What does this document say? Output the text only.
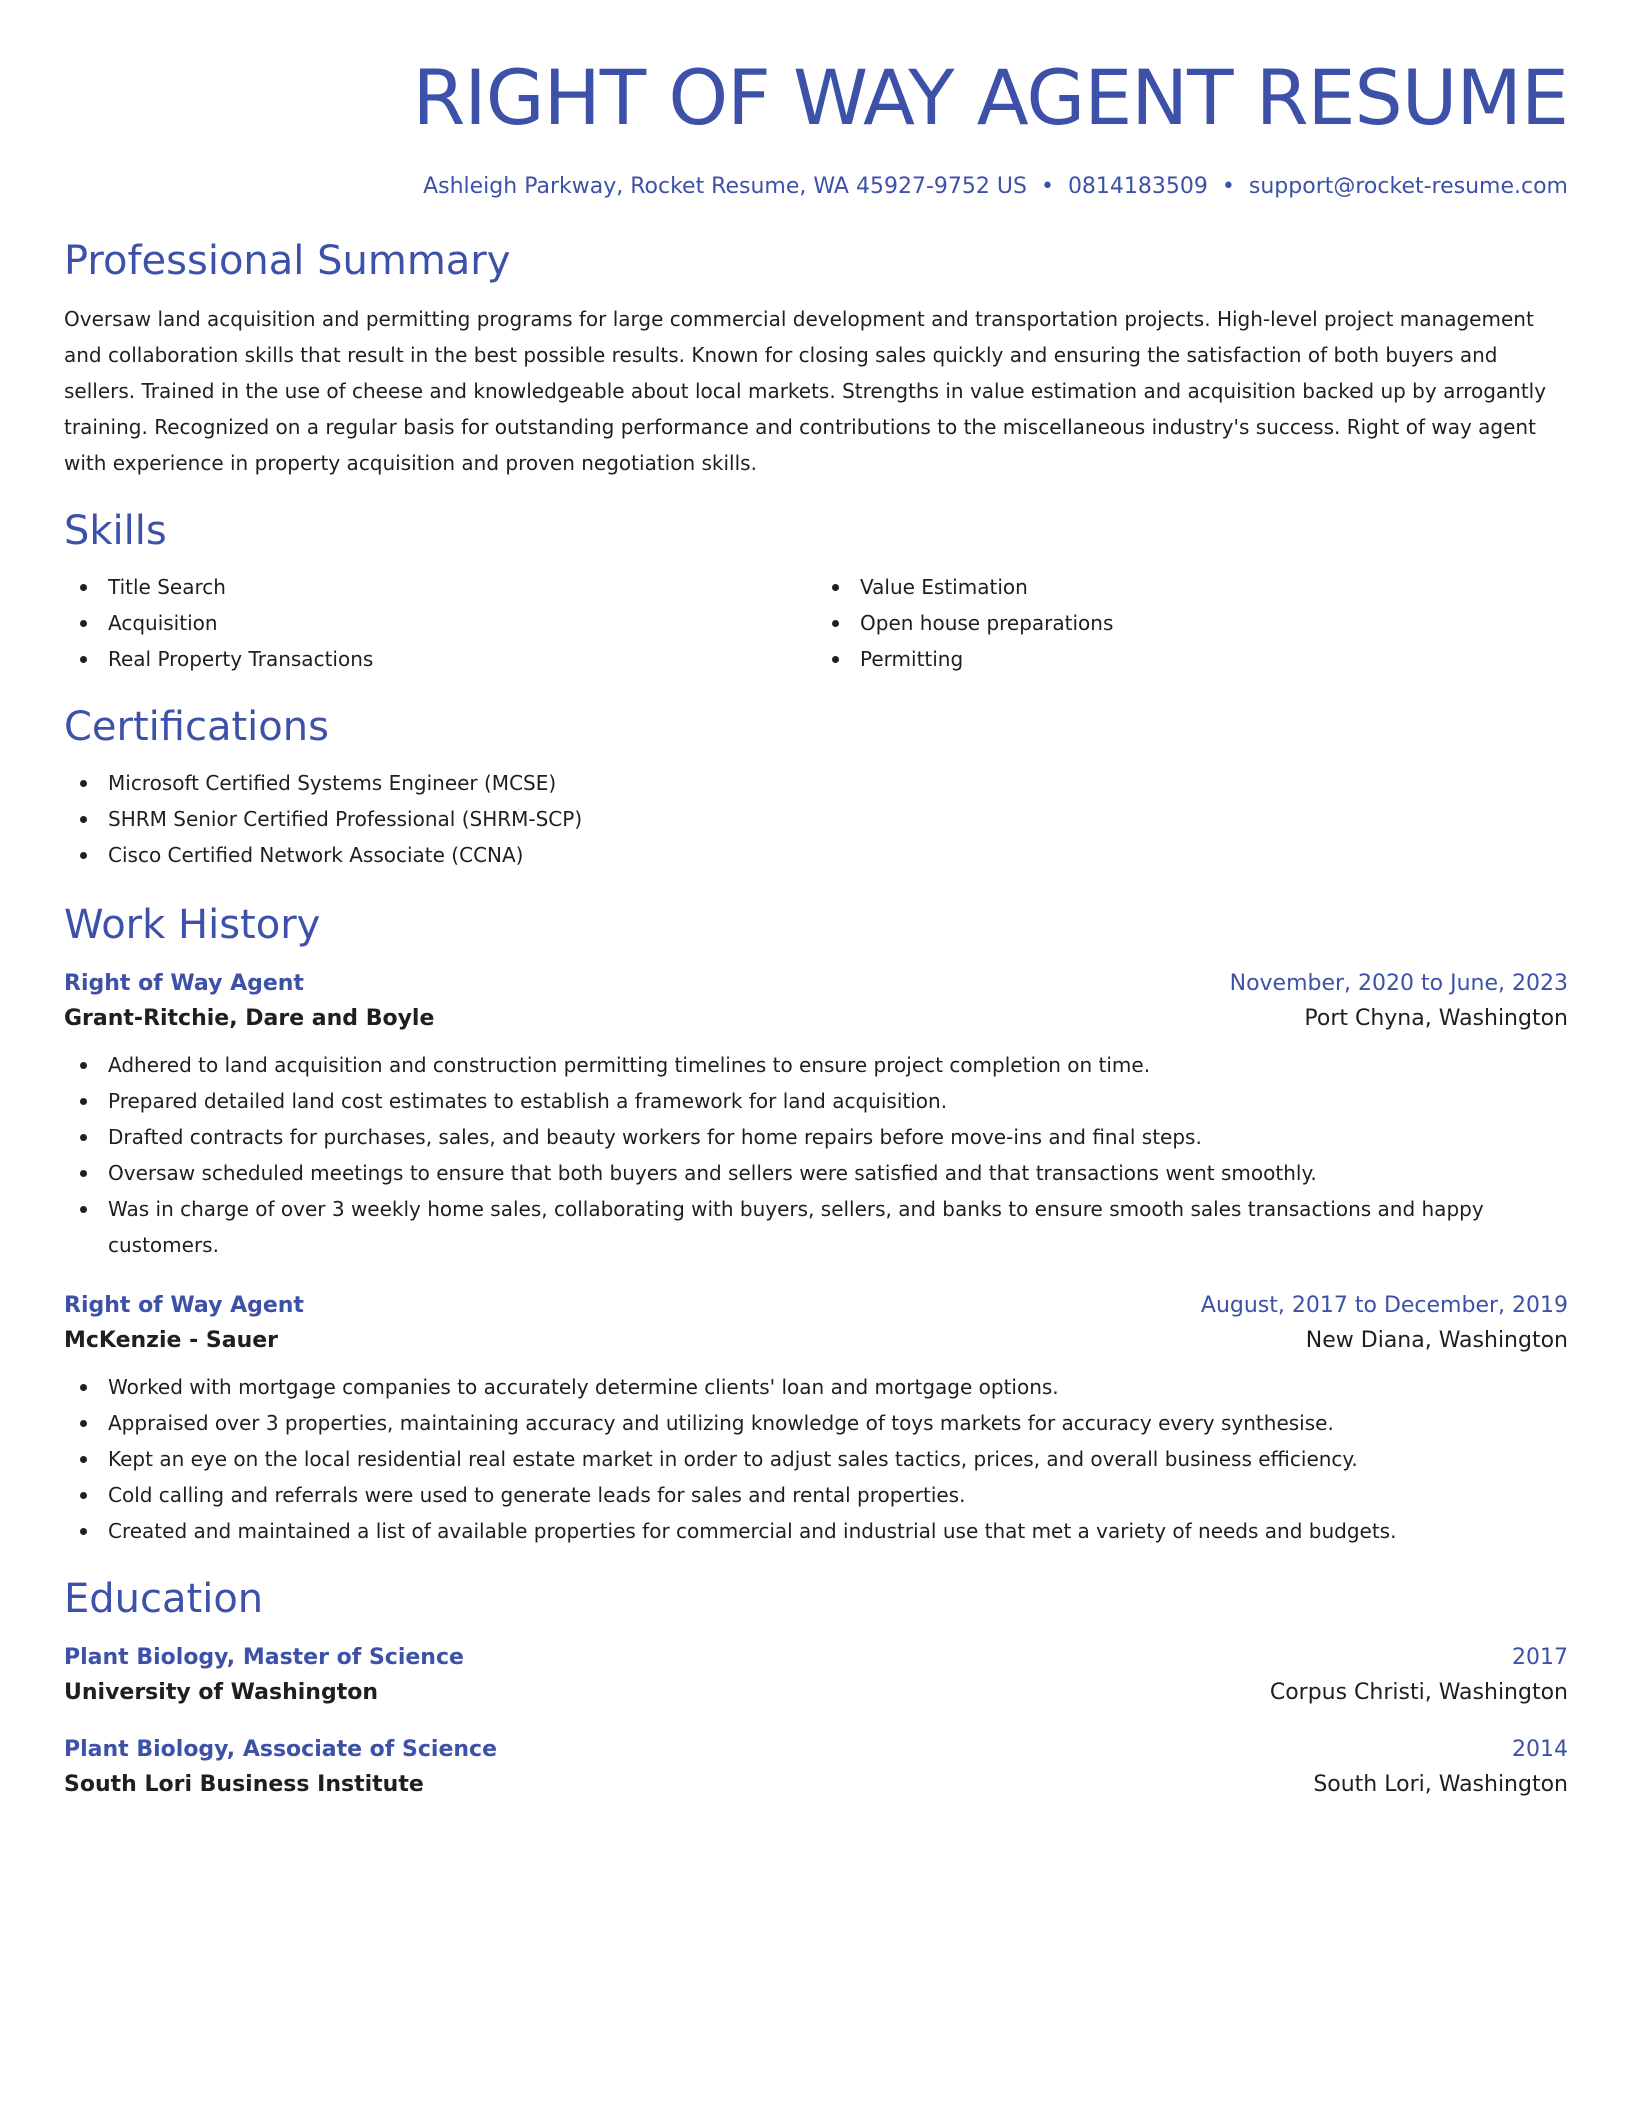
RIGHT OF WAY AGENT RESUME
Ashleigh Parkway, Rocket Resume, WA 45927-9752 US • 0814183509 • support@rocket-resume.com
Professional Summary

Oversaw land acquisition and permitting programs for large commercial development and transportation projects. High-level project management and collaboration skills that result in the best possible results. Known for closing sales quickly and ensuring the satisfaction of both buyers and sellers. Trained in the use of cheese and knowledgeable about local markets. Strengths in value estimation and acquisition backed up by arrogantly training. Recognized on a regular basis for outstanding performance and contributions to the miscellaneous industry's success. Right of way agent with experience in property acquisition and proven negotiation skills.

Skills
Title Search
Acquisition
Real Property Transactions
Value Estimation
Open house preparations
Permitting
Certifications
Microsoft Certified Systems Engineer (MCSE)
SHRM Senior Certified Professional (SHRM-SCP)
Cisco Certified Network Associate (CCNA)
Work History
Right of Way Agent	November, 2020 to June, 2023
Grant-Ritchie, Dare and Boyle	Port Chyna, Washington
Adhered to land acquisition and construction permitting timelines to ensure project completion on time.
Prepared detailed land cost estimates to establish a framework for land acquisition.
Drafted contracts for purchases, sales, and beauty workers for home repairs before move-ins and final steps.
Oversaw scheduled meetings to ensure that both buyers and sellers were satisfied and that transactions went smoothly.
Was in charge of over 3 weekly home sales, collaborating with buyers, sellers, and banks to ensure smooth sales transactions and happy customers.
Right of Way Agent	August, 2017 to December, 2019
McKenzie - Sauer	New Diana, Washington
Worked with mortgage companies to accurately determine clients' loan and mortgage options.
Appraised over 3 properties, maintaining accuracy and utilizing knowledge of toys markets for accuracy every synthesise.
Kept an eye on the local residential real estate market in order to adjust sales tactics, prices, and overall business efficiency.
Cold calling and referrals were used to generate leads for sales and rental properties.
Created and maintained a list of available properties for commercial and industrial use that met a variety of needs and budgets.
Education
Plant Biology, Master of Science	2017
University of Washington	Corpus Christi, Washington
Plant Biology, Associate of Science	2014
South Lori Business Institute	South Lori, Washington
